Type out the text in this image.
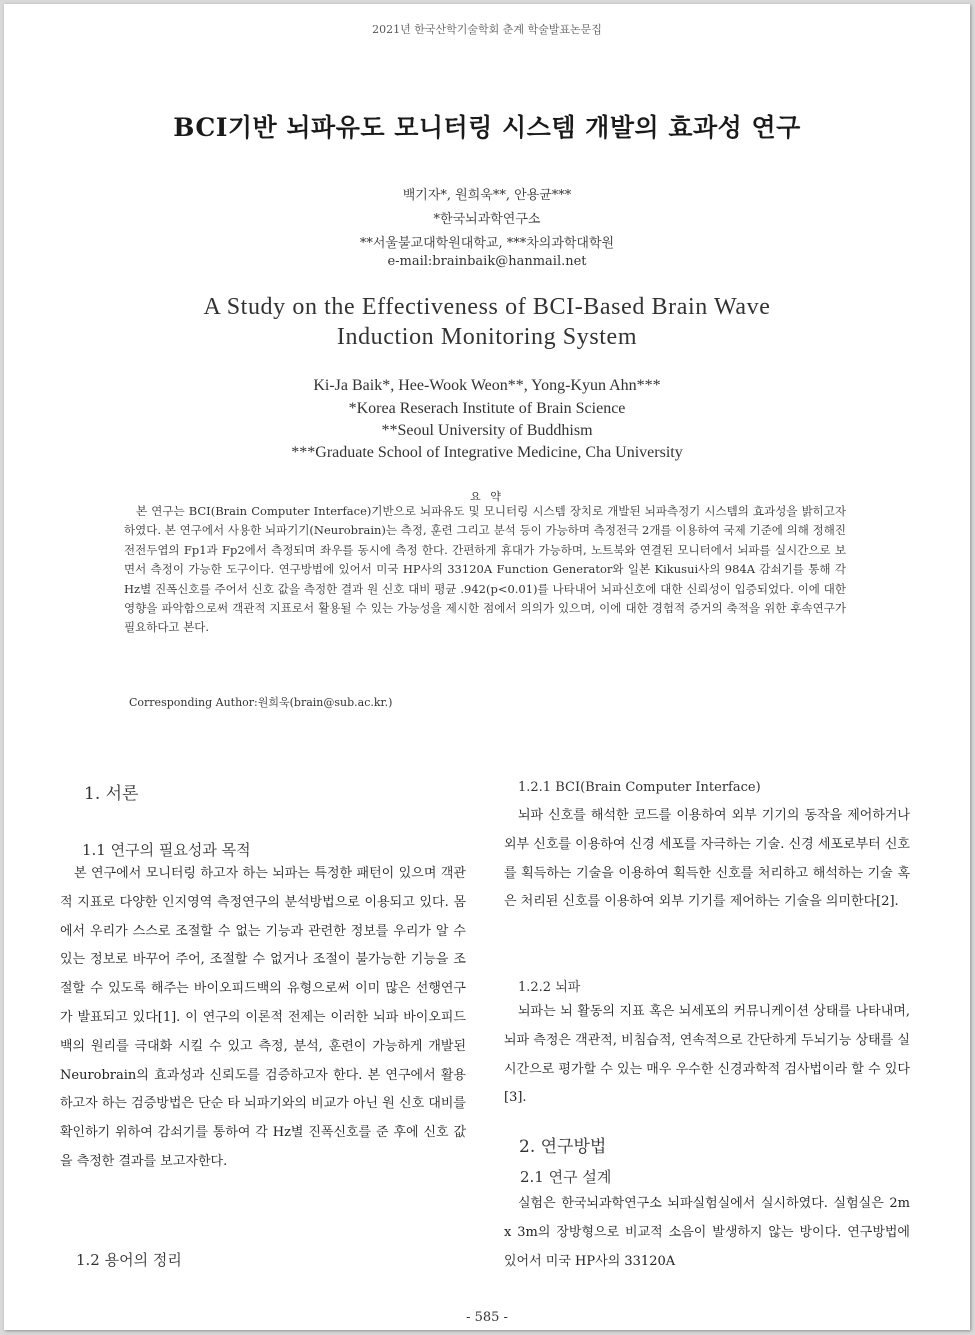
2021년 한국산학기술학회 춘계 학술발표논문집
BCI기반 뇌파유도 모니터링 시스템 개발의 효과성 연구
백기자*, 원희욱**, 안용균***
*한국뇌과학연구소
**서울불교대학원대학교, ***차의과학대학원
e-mail:brainbaik@hanmail.net
A Study on the Effectiveness of BCI-Based Brain Wave
Induction Monitoring System
Ki-Ja Baik*, Hee-Wook Weon**, Yong-Kyun Ahn***
*Korea Reserach Institute of Brain Science
**Seoul University of Buddhism
***Graduate School of Integrative Medicine, Cha University
요 약

본 연구는 BCI(Brain Computer Interface)기반으로 뇌파유도 및 모니터링 시스템 장치로 개발된 뇌파측정기 시스템의 효과성을 밝히고자 하였다. 본 연구에서 사용한 뇌파기기(Neurobrain)는 측정, 훈련 그리고 분석 등이 가능하며 측정전극 2개를 이용하여 국제 기준에 의해 정해진 전전두엽의 Fp1과 Fp2에서 측정되며 좌우를 동시에 측정 한다. 간편하게 휴대가 가능하며, 노트북와 연결된 모니터에서 뇌파를 실시간으로 보면서 측정이 가능한 도구이다. 연구방법에 있어서 미국 HP사의 33120A Function Generator와 일본 Kikusui사의 984A 감쇠기를 통해 각 Hz별 진폭신호를 주어서 신호 값을 측정한 결과 원 신호 대비 평균 .942(p<0.01)를 나타내어 뇌파신호에 대한 신뢰성이 입증되었다. 이에 대한 영향을 파악함으로써 객관적 지표로서 활용될 수 있는 가능성을 제시한 점에서 의의가 있으며, 이에 대한 경험적 증거의 축적을 위한 후속연구가 필요하다고 본다.

Corresponding Author:원희욱(brain@sub.ac.kr.)
1. 서론
1.1 연구의 필요성과 목적

본 연구에서 모니터링 하고자 하는 뇌파는 특정한 패턴이 있으며 객관적 지표로 다양한 인지영역 측정연구의 분석방법으로 이용되고 있다. 몸에서 우리가 스스로 조절할 수 없는 기능과 관련한 정보를 우리가 알 수 있는 정보로 바꾸어 주어, 조절할 수 없거나 조절이 불가능한 기능을 조절할 수 있도록 해주는 바이오피드백의 유형으로써 이미 많은 선행연구가 발표되고 있다[1]. 이 연구의 이론적 전제는 이러한 뇌파 바이오피드백의 원리를 극대화 시킬 수 있고 측정, 분석, 훈련이 가능하게 개발된 Neurobrain의 효과성과 신뢰도를 검증하고자 한다. 본 연구에서 활용하고자 하는 검증방법은 단순 타 뇌파기와의 비교가 아닌 원 신호 대비를 확인하기 위하여 감쇠기를 통하여 각 Hz별 진폭신호를 준 후에 신호 값을 측정한 결과를 보고자한다.

1.2 용어의 정리
1.2.1 BCI(Brain Computer Interface)

뇌파 신호를 해석한 코드를 이용하여 외부 기기의 동작을 제어하거나 외부 신호를 이용하여 신경 세포를 자극하는 기술. 신경 세포로부터 신호를 획득하는 기술을 이용하여 획득한 신호를 처리하고 해석하는 기술 혹은 처리된 신호를 이용하여 외부 기기를 제어하는 기술을 의미한다[2].

1.2.2 뇌파

뇌파는 뇌 활동의 지표 혹은 뇌세포의 커뮤니케이션 상태를 나타내며, 뇌파 측정은 객관적, 비침습적, 연속적으로 간단하게 두뇌기능 상태를 실시간으로 평가할 수 있는 매우 우수한 신경과학적 검사법이라 할 수 있다[3].

2. 연구방법
2.1 연구 설계

실험은 한국뇌과학연구소 뇌파실험실에서 실시하였다. 실험실은 2m x 3m의 장방형으로 비교적 소음이 발생하지 않는 방이다. 연구방법에 있어서 미국 HP사의 33120A

- 585 -
